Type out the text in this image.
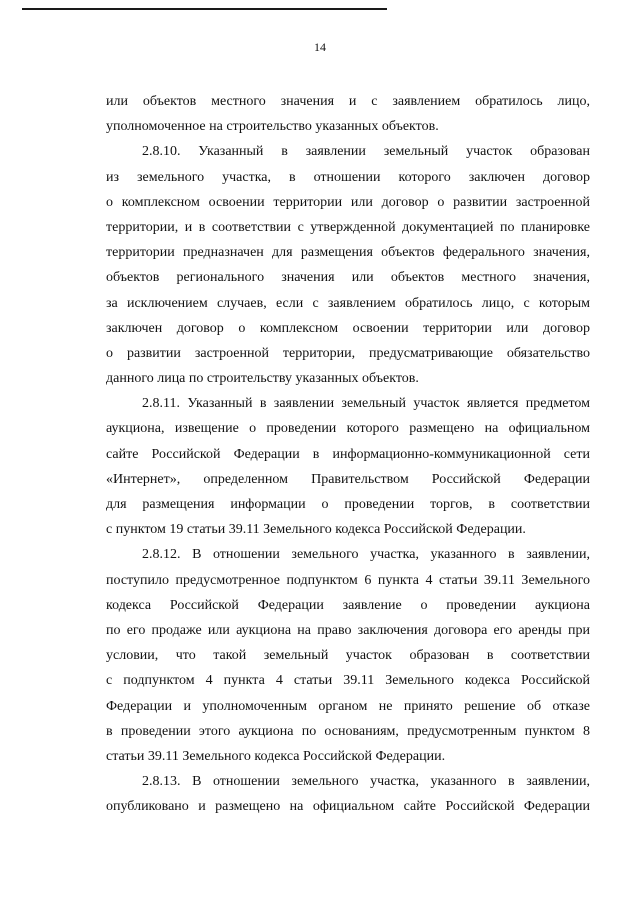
14
или объектов местного значения и с заявлением обратилось лицо,
уполномоченное на строительство указанных объектов.
2.8.10. Указанный в заявлении земельный участок образован
из земельного участка, в отношении которого заключен договор
о комплексном освоении территории или договор о развитии застроенной
территории, и в соответствии с утвержденной документацией по планировке
территории предназначен для размещения объектов федерального значения,
объектов регионального значения или объектов местного значения,
за исключением случаев, если с заявлением обратилось лицо, с которым
заключен договор о комплексном освоении территории или договор
о развитии застроенной территории, предусматривающие обязательство
данного лица по строительству указанных объектов.
2.8.11. Указанный в заявлении земельный участок является предметом
аукциона, извещение о проведении которого размещено на официальном
сайте Российской Федерации в информационно-коммуникационной сети
«Интернет», определенном Правительством Российской Федерации
для размещения информации о проведении торгов, в соответствии
с пунктом 19 статьи 39.11 Земельного кодекса Российской Федерации.
2.8.12. В отношении земельного участка, указанного в заявлении,
поступило предусмотренное подпунктом 6 пункта 4 статьи 39.11 Земельного
кодекса Российской Федерации заявление о проведении аукциона
по его продаже или аукциона на право заключения договора его аренды при
условии, что такой земельный участок образован в соответствии
с подпунктом 4 пункта 4 статьи 39.11 Земельного кодекса Российской
Федерации и уполномоченным органом не принято решение об отказе
в проведении этого аукциона по основаниям, предусмотренным пунктом 8
статьи 39.11 Земельного кодекса Российской Федерации.
2.8.13. В отношении земельного участка, указанного в заявлении,
опубликовано и размещено на официальном сайте Российской Федерации
